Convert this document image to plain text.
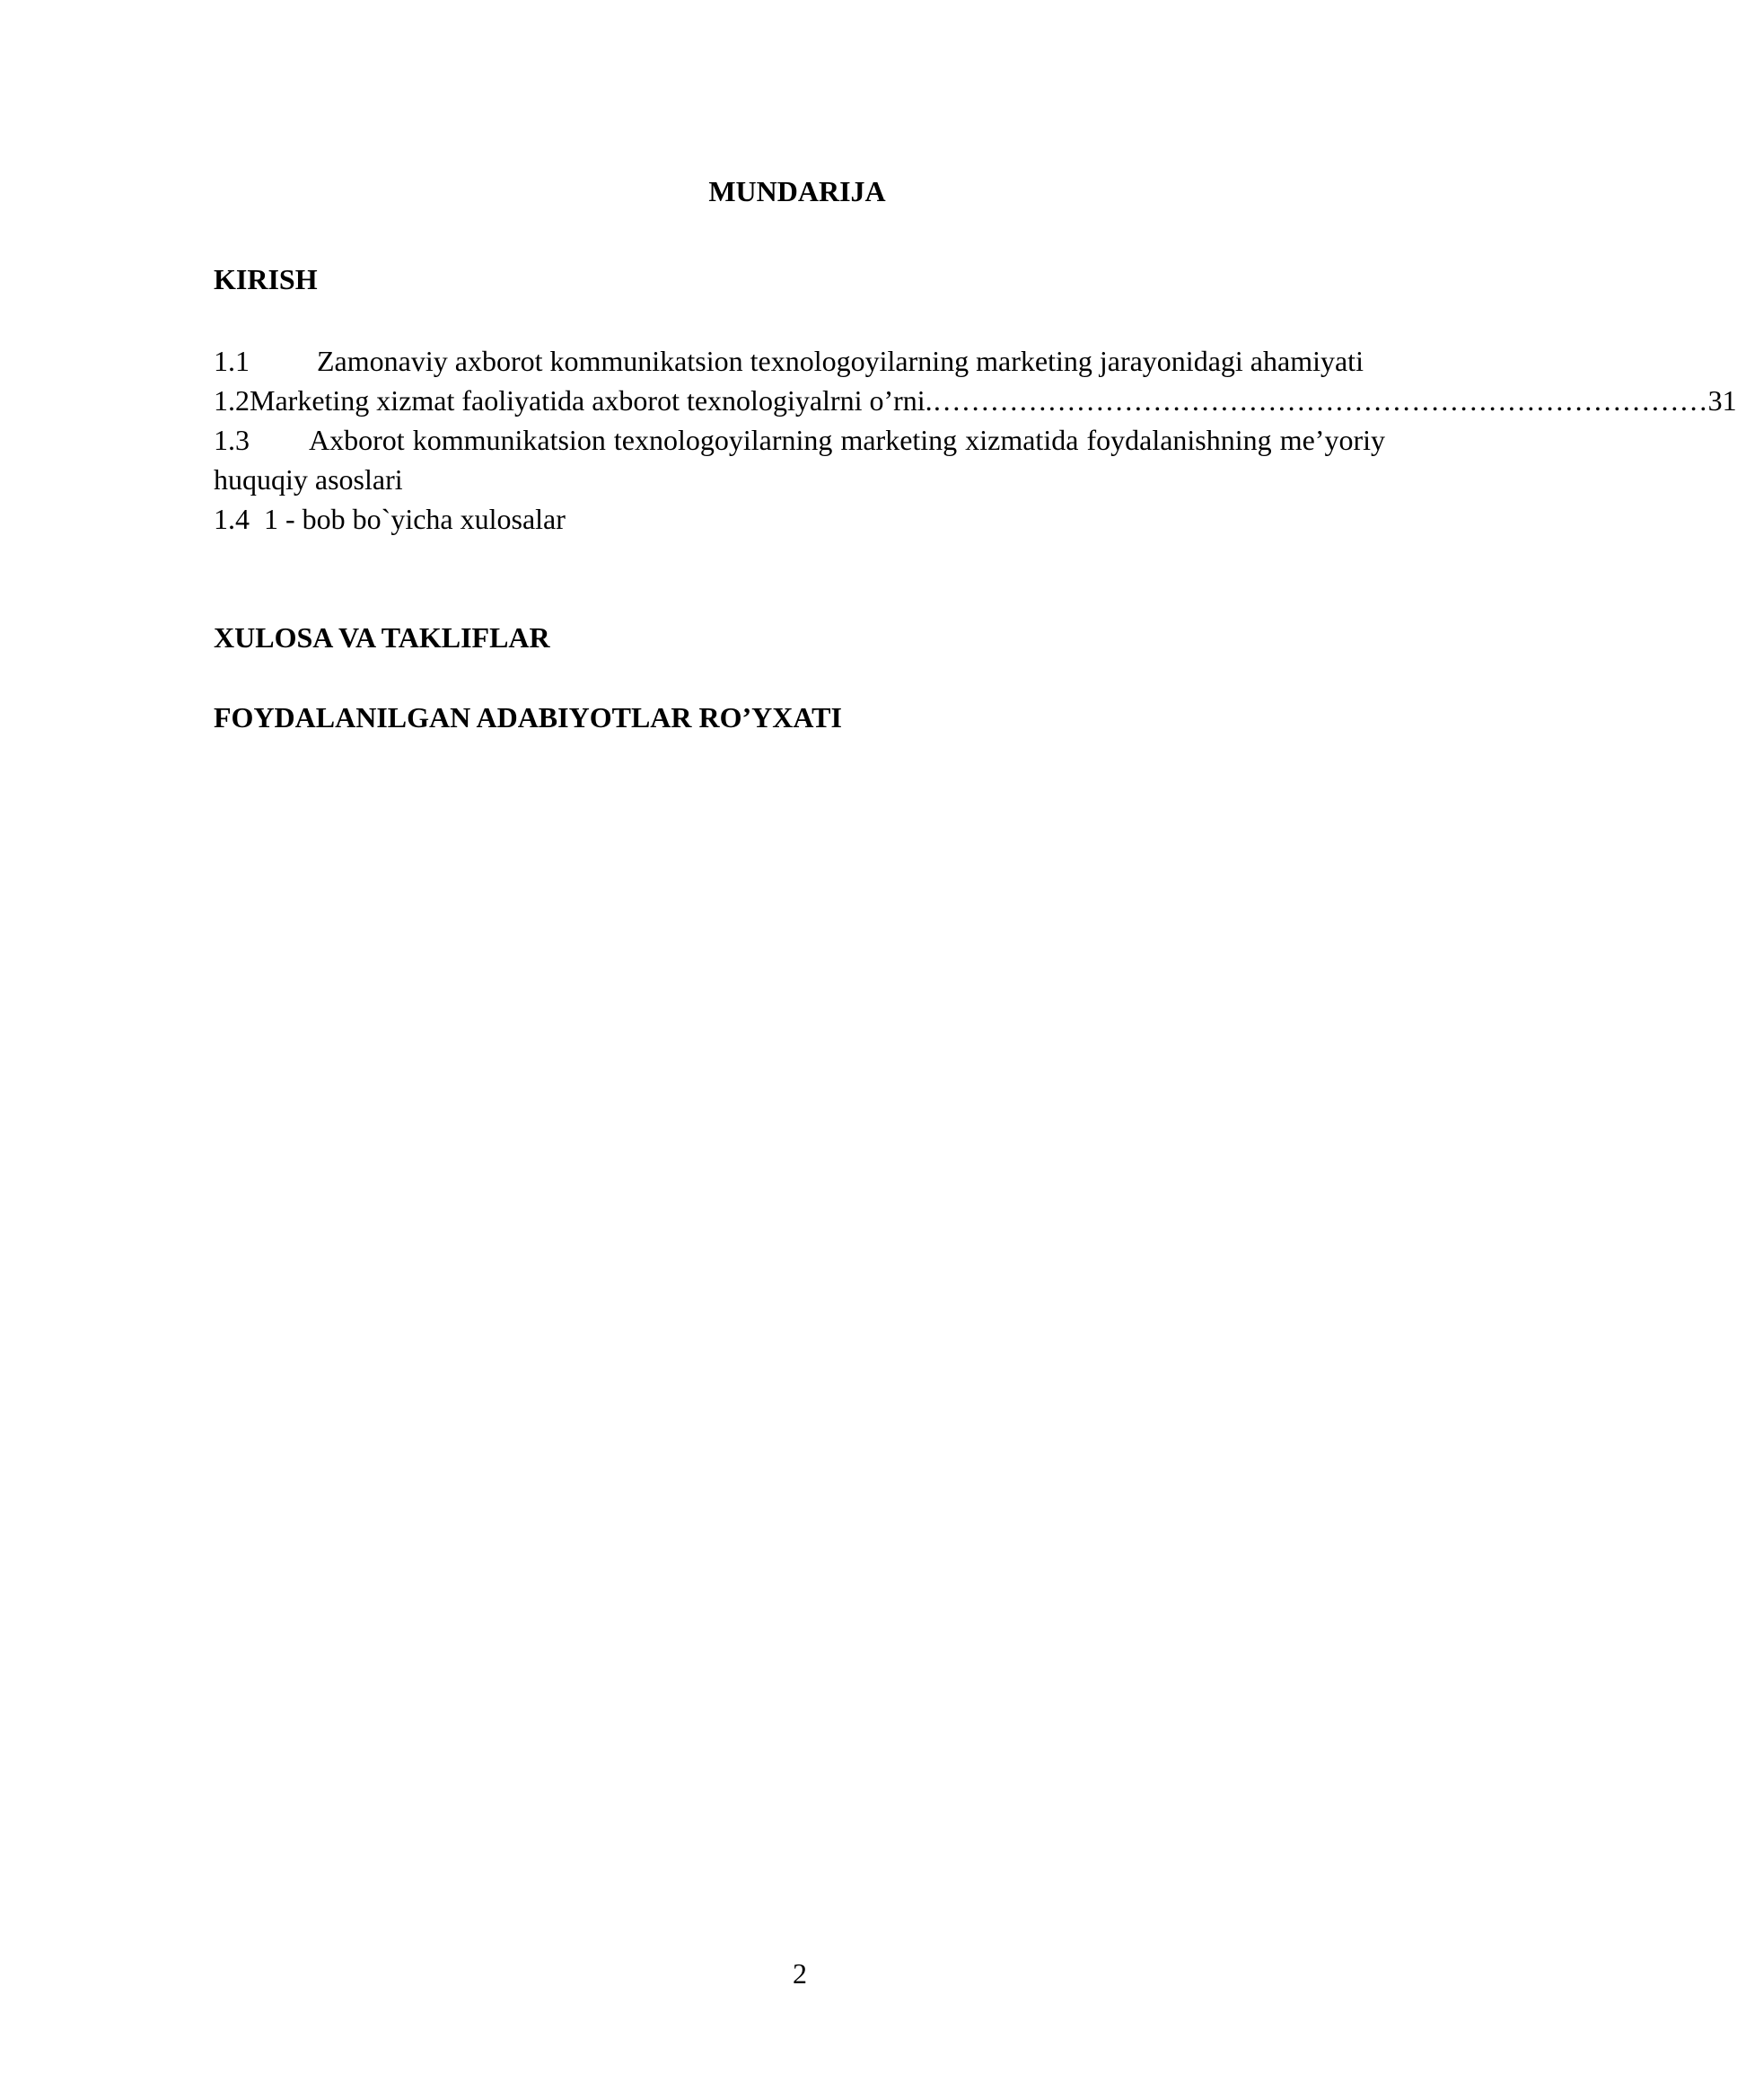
MUNDARIJA
KIRISH
1.1 Zamonaviy axborot kommunikatsion texnologoyilarning marketing jarayonidagi ahamiyati
1.2 Marketing xizmat faoliyatida axborot texnologiyalrni o’rni. ……………………………………………………………………… 31
1.3 Axborot kommunikatsion texnologoyilarning marketing xizmatida foydalanishning me’yoriy huquqiy asoslari
1.4 1 - bob bo`yicha xulosalar
XULOSA VA TAKLIFLAR
FOYDALANILGAN ADABIYOTLAR RO’YXATI
2
